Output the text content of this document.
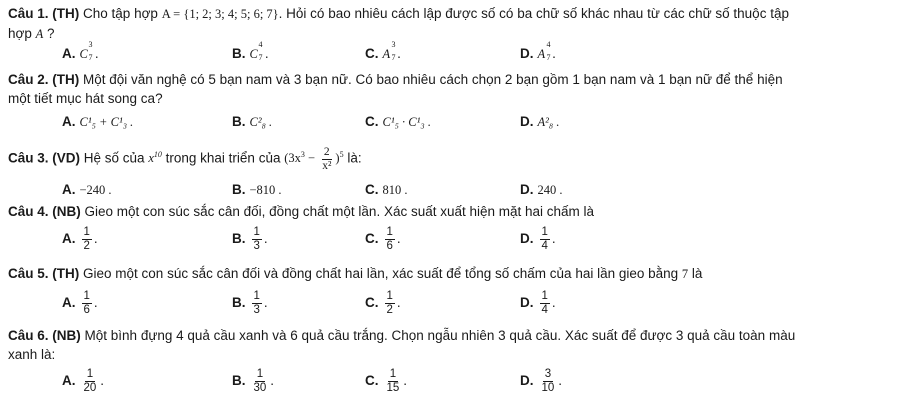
Câu 1. (TH) Cho tập hợp A = {1; 2; 3; 4; 5; 6; 7}. Hỏi có bao nhiêu cách lập được số có ba chữ số khác nhau từ các chữ số thuộc tập
hợp A ?
A. C
3
7 .	B. C
4
7 .	C. A
3
7 .	D. A
4
7 .
Câu 2. (TH) Một đội văn nghệ có 5 bạn nam và 3 bạn nữ. Có bao nhiêu cách chọn 2 bạn gồm 1 bạn nam và 1 bạn nữ để thể hiện
một tiết mục hát song ca?
A. C¹₅ + C¹₃ .	B. C²₈ .	C. C¹₅ · C¹₃ .	D. A²₈ .
Câu 3. (VD) Hệ số của $x^{10}$ trong khai triển của $(3x^3 - \frac{2}{\text{x²}} )^5$ là:
A. −240 .	B. −810 .	C. 810 .	D. 240 .
Câu 4. (NB) Gieo một con súc sắc cân đối, đồng chất một lần. Xác suất xuất hiện mặt hai chấm là
A. $\frac{1}{2}$ .	B. $\frac{1}{3}$ .	C. $\frac{1}{6}$ .	D. $\frac{1}{4}$ .
Câu 5. (TH) Gieo một con súc sắc cân đối và đồng chất hai lần, xác suất để tổng số chấm của hai lần gieo bằng 7 là
A. $\frac{1}{6}$ .	B. $\frac{1}{3}$ .	C. $\frac{1}{2}$ .	D. $\frac{1}{4}$ .
Câu 6. (NB) Một bình đựng 4 quả cầu xanh và 6 quả cầu trắng. Chọn ngẫu nhiên 3 quả cầu. Xác suất để được 3 quả cầu toàn màu
xanh là:
A. $\frac{1}{20}$ .	B. $\frac{1}{30}$ .	C. $\frac{1}{15}$ .	D. $\frac{3}{10}$ .
